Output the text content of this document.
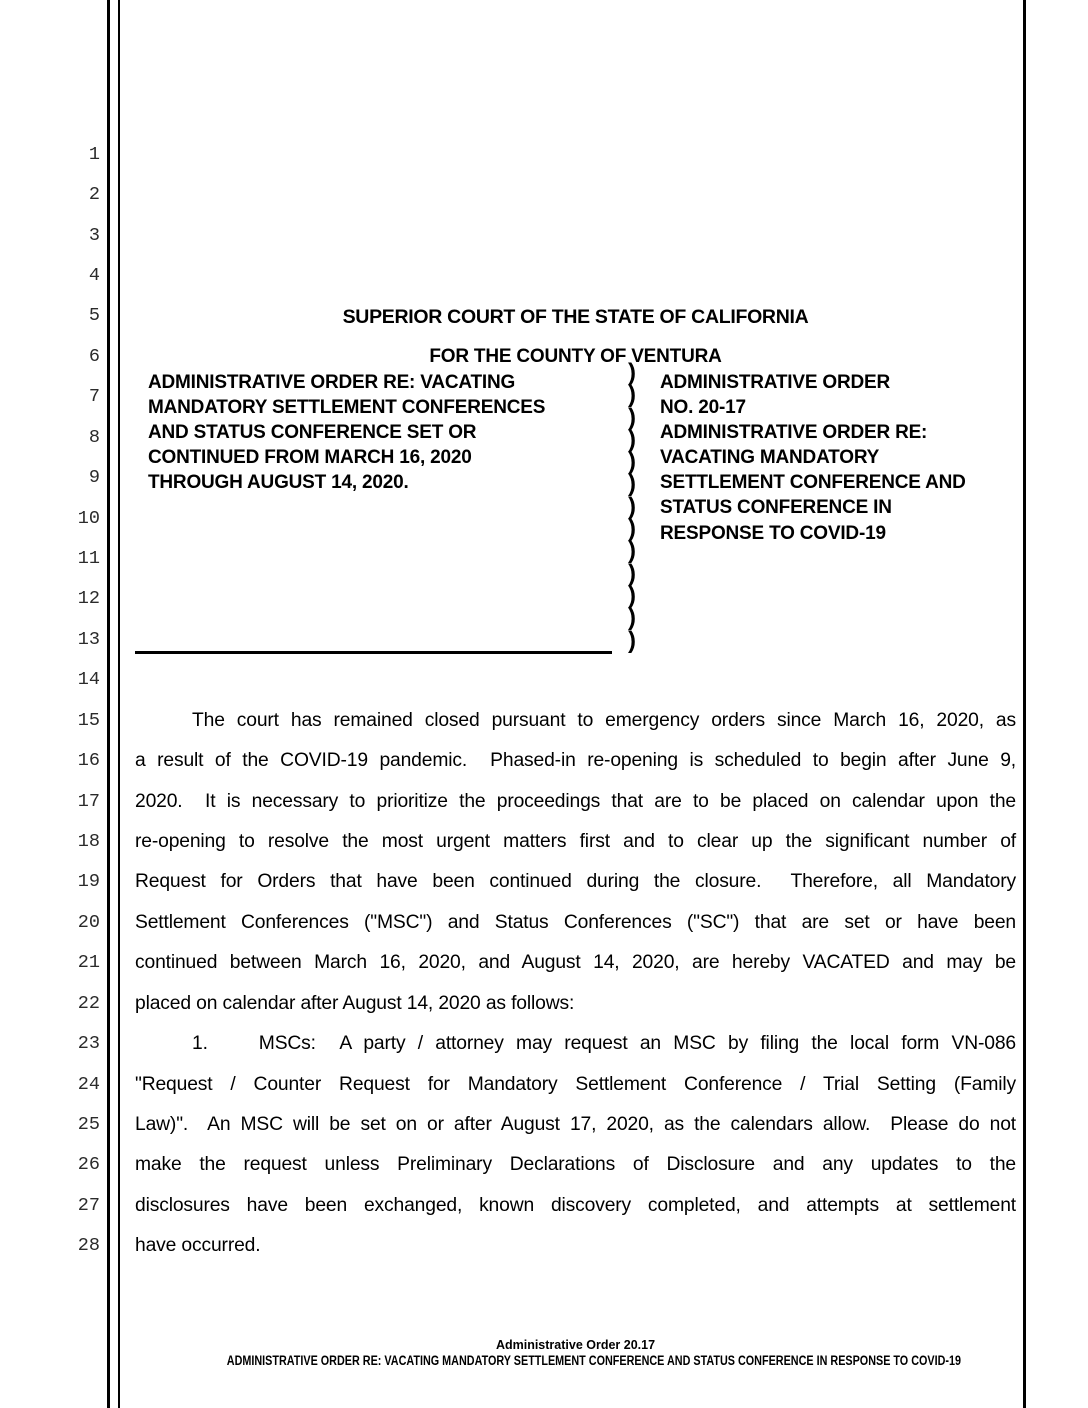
1
2
3
4
5
6
7
8
9
10
11
12
13
14
15
16
17
18
19
20
21
22
23
24
25
26
27
28
SUPERIOR COURT OF THE STATE OF CALIFORNIA
FOR THE COUNTY OF VENTURA
ADMINISTRATIVE ORDER RE: VACATING
MANDATORY SETTLEMENT CONFERENCES
AND STATUS CONFERENCE SET OR
CONTINUED FROM MARCH 16, 2020
THROUGH AUGUST 14, 2020.
)
)
)
)
)
)
)
)
)
)
)
)
)
ADMINISTRATIVE ORDER
NO. 20-17
ADMINISTRATIVE ORDER RE:
VACATING MANDATORY
SETTLEMENT CONFERENCE AND
STATUS CONFERENCE IN
RESPONSE TO COVID-19
The court has remained closed pursuant to emergency orders since March 16, 2020, as
a result of the COVID-19 pandemic.  Phased-in re-opening is scheduled to begin after June 9,
2020.  It is necessary to prioritize the proceedings that are to be placed on calendar upon the
re-opening to resolve the most urgent matters first and to clear up the significant number of
Request for Orders that have been continued during the closure.  Therefore, all Mandatory
Settlement Conferences ("MSC") and Status Conferences ("SC") that are set or have been
continued between March 16, 2020, and August 14, 2020, are hereby VACATED and may be
placed on calendar after August 14, 2020 as follows:
1.	MSCs:  A party / attorney may request an MSC by filing the local form VN-086
"Request / Counter Request for Mandatory Settlement Conference / Trial Setting (Family
Law)".  An MSC will be set on or after August 17, 2020, as the calendars allow.  Please do not
make the request unless Preliminary Declarations of Disclosure and any updates to the
disclosures have been exchanged, known discovery completed, and attempts at settlement
have occurred.
Administrative Order 20.17
ADMINISTRATIVE ORDER RE: VACATING MANDATORY SETTLEMENT CONFERENCE AND STATUS CONFERENCE IN RESPONSE TO COVID-19
